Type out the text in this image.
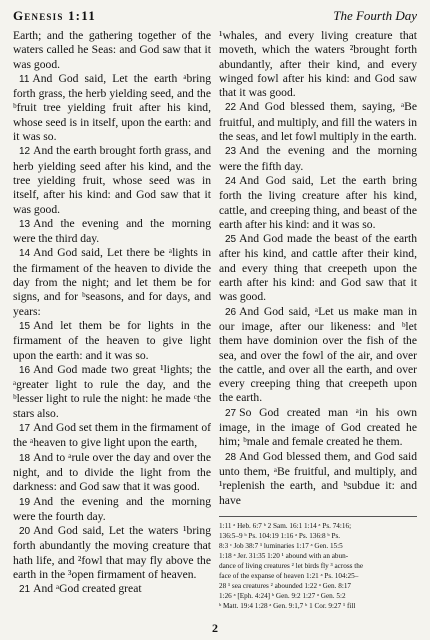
Genesis 1:11	The Fourth Day
Earth; and the gathering together of the waters called he Seas: and God saw that it was good.
11 And God said, Let the earth ᵃbring forth grass, the herb yielding seed, and the ᵇfruit tree yielding fruit after his kind, whose seed is in itself, upon the earth: and it was so.
12 And the earth brought forth grass, and herb yielding seed after his kind, and the tree yielding fruit, whose seed was in itself, after his kind: and God saw that it was good.
13 And the evening and the morning were the third day.
14 And God said, Let there be ᵃlights in the firmament of the heaven to divide the day from the night; and let them be for signs, and for ᵇseasons, and for days, and years:
15 And let them be for lights in the firmament of the heaven to give light upon the earth: and it was so.
16 And God made two great ¹lights; the ᵃgreater light to rule the day, and the ᵇlesser light to rule the night: he made ᶜthe stars also.
17 And God set them in the firmament of the ᵃheaven to give light upon the earth,
18 And to ᵃrule over the day and over the night, and to divide the light from the darkness: and God saw that it was good.
19 And the evening and the morning were the fourth day.
20 And God said, Let the waters ¹bring forth abundantly the moving creature that hath life, and ²fowl that may fly above the earth in the ³open firmament of heaven.
21 And ᵃGod created great
¹whales, and every living creature that moveth, which the waters ²brought forth abundantly, after their kind, and every winged fowl after his kind: and God saw that it was good.
22 And God blessed them, saying, ᵃBe fruitful, and multiply, and fill the waters in the seas, and let fowl multiply in the earth.
23 And the evening and the morning were the fifth day.
24 And God said, Let the earth bring forth the living creature after his kind, cattle, and creeping thing, and beast of the earth after his kind: and it was so.
25 And God made the beast of the earth after his kind, and cattle after their kind, and every thing that creepeth upon the earth after his kind: and God saw that it was good.
26 And God said, ᵃLet us make man in our image, after our likeness: and ᵇlet them have dominion over the fish of the sea, and over the fowl of the air, and over the cattle, and over all the earth, and over every creeping thing that creepeth upon the earth.
27 So God created man ᵃin his own image, in the image of God created he him; ᵇmale and female created he them.
28 And God blessed them, and God said unto them, ᵃBe fruitful, and multiply, and ¹replenish the earth, and ᵇsubdue it: and have
1:11 ᵃ Heb. 6:7 ᵇ 2 Sam. 16:1 1:14 ᵃ Ps. 74:16;
136:5–9 ᵇ Ps. 104:19 1:16 ᵃ Ps. 136:8 ᵇ Ps.
8:3 ᶜ Job 38:7 ¹ luminaries 1:17 ᵃ Gen. 15:5
1:18 ᵃ Jer. 31:35 1:20 ¹ abound with an abun-
dance of living creatures ² let birds fly ³ across the
face of the expanse of heaven 1:21 ᵃ Ps. 104:25–
28 ¹ sea creatures ² abounded 1:22 ᵃ Gen. 8:17
1:26 ᵃ [Eph. 4:24] ᵇ Gen. 9:2 1:27 ᵃ Gen. 5:2
ᵇ Matt. 19:4 1:28 ᵃ Gen. 9:1,7 ᵇ 1 Cor. 9:27 ¹ fill
2
